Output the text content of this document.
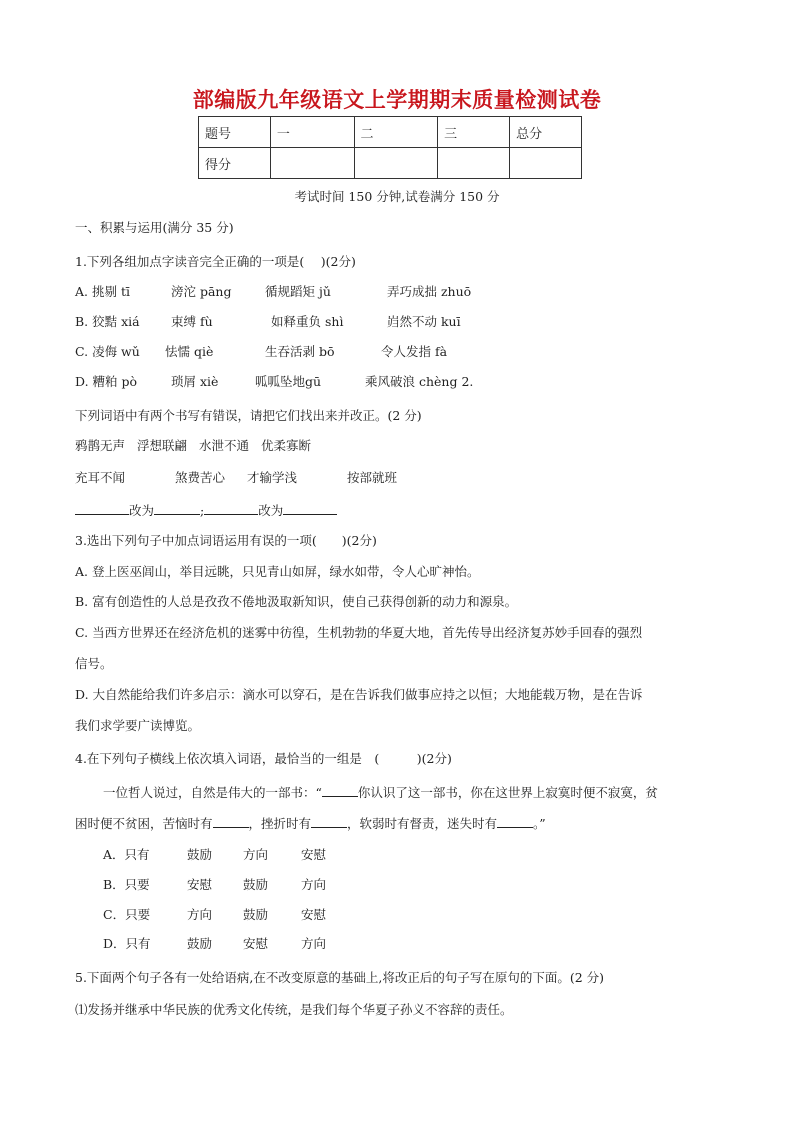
部编版九年级语文上学期期末质量检测试卷
题号	一	二	三	总分
得分				
考试时间 150 分钟,试卷满分 150 分
一、积累与运用(满分 35 分)
1.下列各组加点字读音完全正确的一项是(　 )(2分)
A. 挑剔 tī	滂沱 pāng	循规蹈矩 jǔ	弄巧成拙 zhuō
B. 狡黠 xiá	束缚 fù	如释重负 shì	岿然不动 kuī
C. 凌侮 wǔ 怯懦 qiè	生吞活剥 bō	令人发指 fà
D. 糟粕 pò	琐屑 xiè	呱呱坠地gū	乘风破浪 chèng 2.
下列词语中有两个书写有错误，请把它们找出来并改正。(2 分)
鸦鹊无声 浮想联翩 水泄不通 优柔寡断
充耳不闻	煞费苦心 才输学浅	按部就班
改为	;	改为
3.选出下列句子中加点词语运用有误的一项(　　)(2分)
A. 登上医巫闾山，举目远眺，只见青山如屏，绿水如带，令人心旷神怡。
B. 富有创造性的人总是孜孜不倦地汲取新知识，使自己获得创新的动力和源泉。
C. 当西方世界还在经济危机的迷雾中彷徨，生机勃勃的华夏大地，首先传导出经济复苏妙手回春的强烈
信号。
D. 大自然能给我们许多启示：滴水可以穿石，是在告诉我们做事应持之以恒；大地能载万物，是在告诉
我们求学要广读博览。
4.在下列句子横线上依次填入词语，最恰当的一组是　(　　　)(2分)
一位哲人说过，自然是伟大的一部书：“	你认识了这一部书，你在这世界上寂寞时便不寂寞，贫
困时便不贫困，苦恼时有	，挫折时有	，软弱时有督责，迷失时有	。”
A．只有	鼓励 方向	安慰
B．只要	安慰 鼓励	方向
C．只要	方向 鼓励	安慰
D．只有	鼓励 安慰	方向
5.下面两个句子各有一处给语病,在不改变原意的基础上,将改正后的句子写在原句的下面。(2 分)
⑴发扬并继承中华民族的优秀文化传统，是我们每个华夏子孙义不容辞的责任。
